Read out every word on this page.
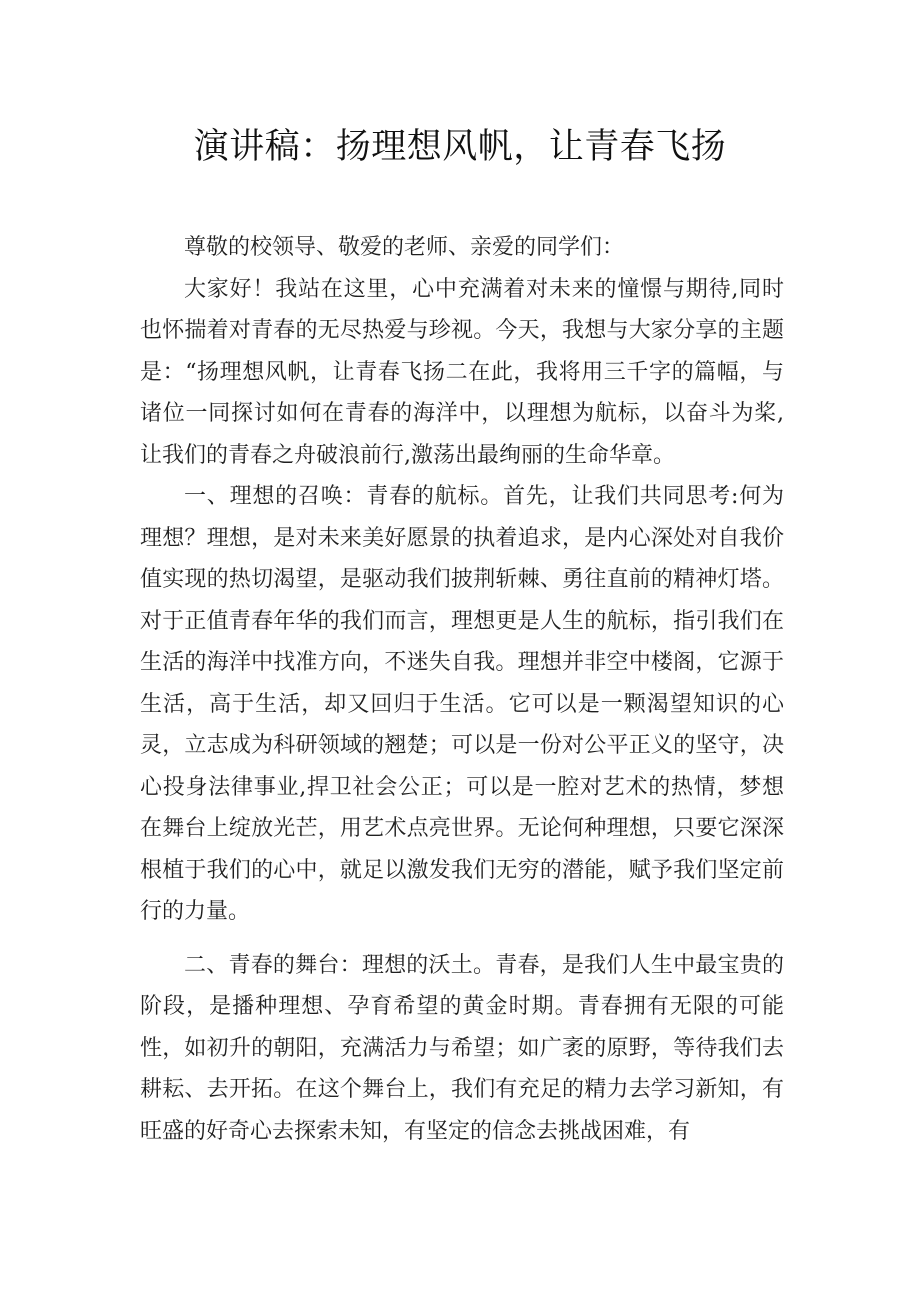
演讲稿：扬理想风帆，让青春飞扬

尊敬的校领导、敬爱的老师、亲爱的同学们：

大家好！我站在这里，心中充满着对未来的憧憬与期待,同时也怀揣着对青春的无尽热爱与珍视。今天，我想与大家分享的主题是：“扬理想风帆，让青春飞扬二在此，我将用三千字的篇幅，与诸位一同探讨如何在青春的海洋中，以理想为航标，以奋斗为桨,让我们的青春之舟破浪前行,激荡出最绚丽的生命华章。

一、理想的召唤：青春的航标。首先，让我们共同思考:何为理想？理想，是对未来美好愿景的执着追求，是内心深处对自我价值实现的热切渴望，是驱动我们披荆斩棘、勇往直前的精神灯塔。对于正值青春年华的我们而言，理想更是人生的航标，指引我们在生活的海洋中找准方向，不迷失自我。理想并非空中楼阁，它源于生活，高于生活，却又回归于生活。它可以是一颗渴望知识的心灵，立志成为科研领域的翘楚；可以是一份对公平正义的坚守，决心投身法律事业,捍卫社会公正；可以是一腔对艺术的热情，梦想在舞台上绽放光芒，用艺术点亮世界。无论何种理想，只要它深深根植于我们的心中，就足以激发我们无穷的潜能，赋予我们坚定前行的力量。

二、青春的舞台：理想的沃土。青春，是我们人生中最宝贵的阶段，是播种理想、孕育希望的黄金时期。青春拥有无限的可能性，如初升的朝阳，充满活力与希望；如广袤的原野，等待我们去耕耘、去开拓。在这个舞台上，我们有充足的精力去学习新知，有旺盛的好奇心去探索未知，有坚定的信念去挑战困难，有
